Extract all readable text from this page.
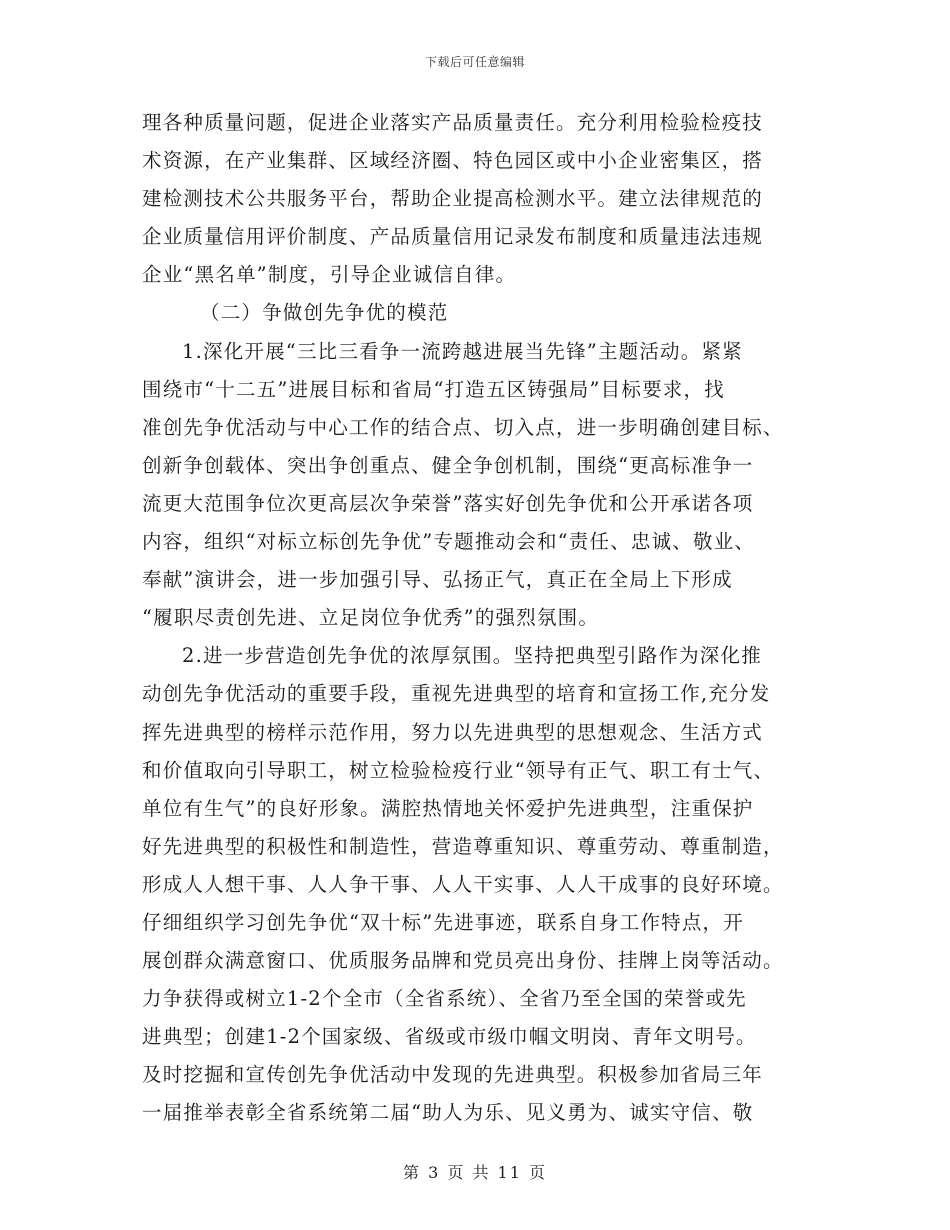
下载后可任意编辑
理各种质量问题，促进企业落实产品质量责任。充分利用检验检疫技
术资源，在产业集群、区域经济圈、特色园区或中小企业密集区，搭
建检测技术公共服务平台，帮助企业提高检测水平。建立法律规范的
企业质量信用评价制度、产品质量信用记录发布制度和质量违法违规
企业“黑名单”制度，引导企业诚信自律。
（二）争做创先争优的模范
1.深化开展“三比三看争一流跨越进展当先锋”主题活动。紧紧
围绕市“十二五”进展目标和省局“打造五区铸强局”目标要求，找
准创先争优活动与中心工作的结合点、切入点，进一步明确创建目标、
创新争创载体、突出争创重点、健全争创机制，围绕“更高标准争一
流更大范围争位次更高层次争荣誉”落实好创先争优和公开承诺各项
内容，组织“对标立标创先争优”专题推动会和“责任、忠诚、敬业、
奉献”演讲会，进一步加强引导、弘扬正气，真正在全局上下形成
“履职尽责创先进、立足岗位争优秀”的强烈氛围。
2.进一步营造创先争优的浓厚氛围。坚持把典型引路作为深化推
动创先争优活动的重要手段，重视先进典型的培育和宣扬工作,充分发
挥先进典型的榜样示范作用，努力以先进典型的思想观念、生活方式
和价值取向引导职工，树立检验检疫行业“领导有正气、职工有士气、
单位有生气”的良好形象。满腔热情地关怀爱护先进典型，注重保护
好先进典型的积极性和制造性，营造尊重知识、尊重劳动、尊重制造，
形成人人想干事、人人争干事、人人干实事、人人干成事的良好环境。
仔细组织学习创先争优“双十标”先进事迹，联系自身工作特点，开
展创群众满意窗口、优质服务品牌和党员亮出身份、挂牌上岗等活动。
力争获得或树立1-2个全市（全省系统）、全省乃至全国的荣誉或先
进典型；创建1-2个国家级、省级或市级巾帼文明岗、青年文明号。
及时挖掘和宣传创先争优活动中发现的先进典型。积极参加省局三年
一届推举表彰全省系统第二届“助人为乐、见义勇为、诚实守信、敬
第 3 页 共 11 页
